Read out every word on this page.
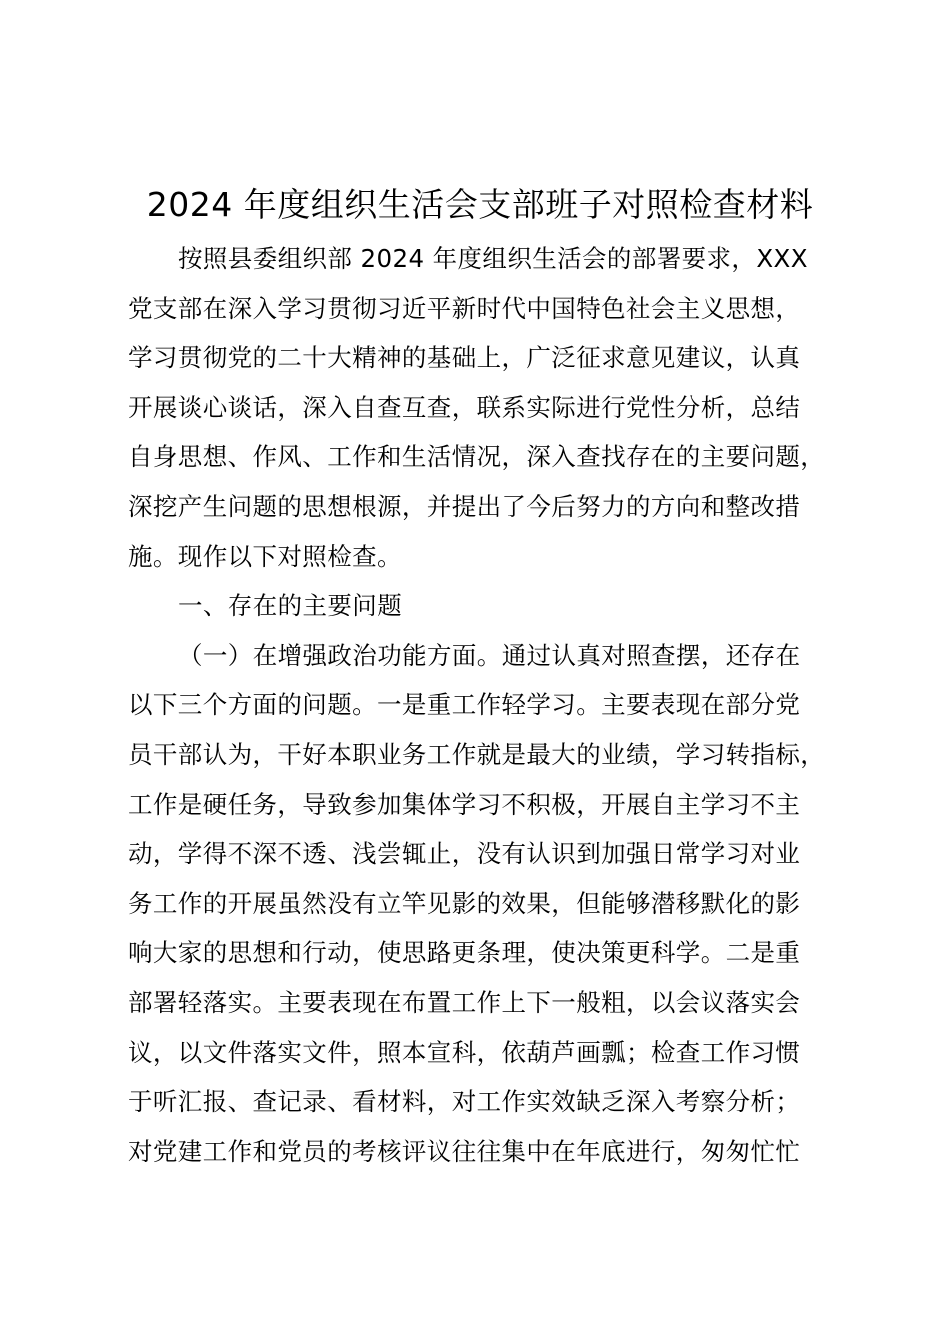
2024 年度组织生活会支部班子对照检查材料
按照县委组织部 2024 年度组织生活会的部署要求，XXX
党支部在深入学习贯彻习近平新时代中国特色社会主义思想，
学习贯彻党的二十大精神的基础上，广泛征求意见建议，认真
开展谈心谈话，深入自查互查，联系实际进行党性分析，总结
自身思想、作风、工作和生活情况，深入查找存在的主要问题，
深挖产生问题的思想根源，并提出了今后努力的方向和整改措
施。现作以下对照检查。
一、存在的主要问题
（一）在增强政治功能方面。通过认真对照查摆，还存在
以下三个方面的问题。一是重工作轻学习。主要表现在部分党
员干部认为，干好本职业务工作就是最大的业绩，学习转指标，
工作是硬任务，导致参加集体学习不积极，开展自主学习不主
动，学得不深不透、浅尝辄止，没有认识到加强日常学习对业
务工作的开展虽然没有立竿见影的效果，但能够潜移默化的影
响大家的思想和行动，使思路更条理，使决策更科学。二是重
部署轻落实。主要表现在布置工作上下一般粗，以会议落实会
议，以文件落实文件，照本宣科，依葫芦画瓢；检查工作习惯
于听汇报、查记录、看材料，对工作实效缺乏深入考察分析；
对党建工作和党员的考核评议往往集中在年底进行，匆匆忙忙
